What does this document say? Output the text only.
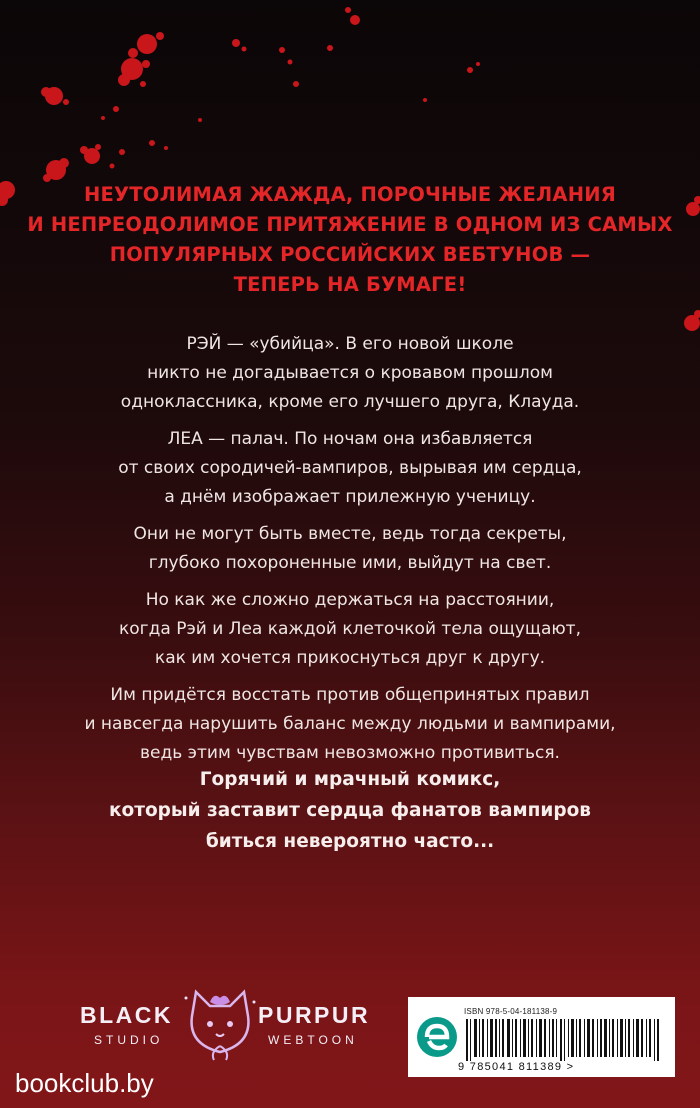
НЕУТОЛИМАЯ ЖАЖДА, ПОРОЧНЫЕ ЖЕЛАНИЯ
И НЕПРЕОДОЛИМОЕ ПРИТЯЖЕНИЕ В ОДНОМ ИЗ САМЫХ
ПОПУЛЯРНЫХ РОССИЙСКИХ ВЕБТУНОВ —
ТЕПЕРЬ НА БУМАГЕ!
РЭЙ — «убийца». В его новой школе
никто не догадывается о кровавом прошлом
одноклассника, кроме его лучшего друга, Клауда.
ЛЕА — палач. По ночам она избавляется
от своих сородичей-вампиров, вырывая им сердца,
а днём изображает прилежную ученицу.
Они не могут быть вместе, ведь тогда секреты,
глубоко похороненные ими, выйдут на свет.
Но как же сложно держаться на расстоянии,
когда Рэй и Леа каждой клеточкой тела ощущают,
как им хочется прикоснуться друг к другу.
Им придётся восстать против общепринятых правил
и навсегда нарушить баланс между людьми и вампирами,
ведь этим чувствам невозможно противиться.
Горячий и мрачный комикс,
который заставит сердца фанатов вампиров
биться невероятно часто...
BLACK	PURPUR
STUDIO	WEBTOON
ISBN 978-5-04-181138-9
9 785041 811389 >
bookclub.by
